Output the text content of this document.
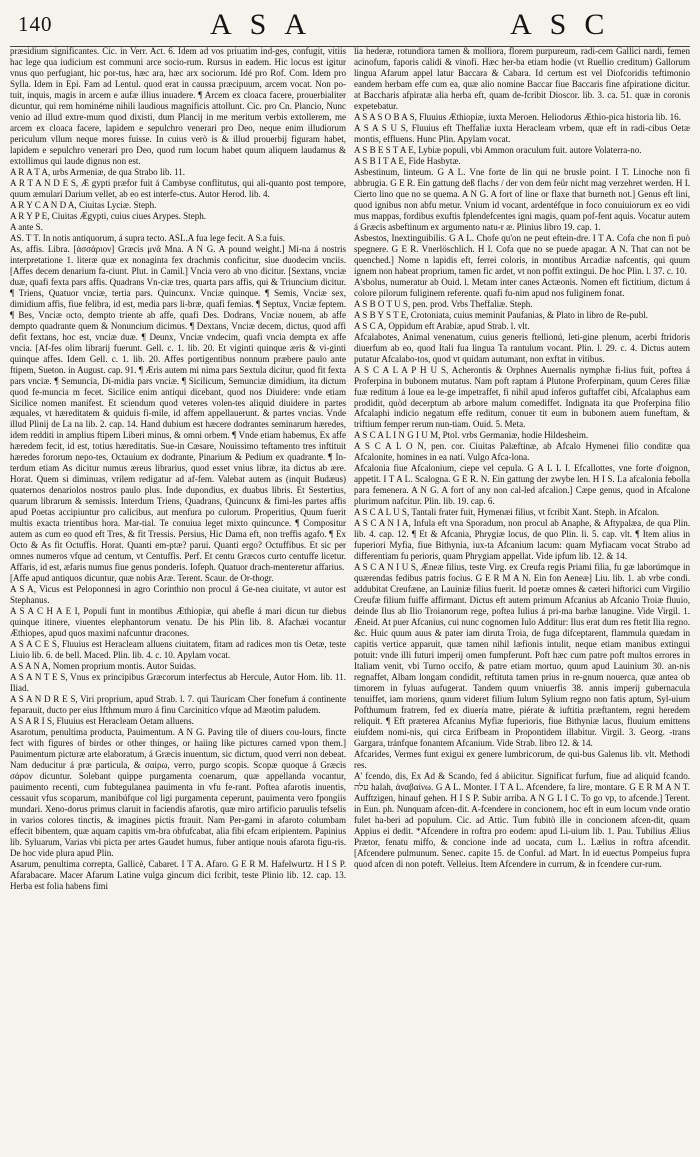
140	ASA	ASC

præsidium significantes. Cic. in Verr. Act. 6. Idem ad vos priuatim ind-ges, confugit, vitiis hac lege qua iudicium est communi arce socio-rum. Rursus in eadem. Hic locus est igitur vnus quo perfugiant, hic por-tus, hæc ara, hæc arx sociorum. Idé pro Rof. Com. Idem pro Sylla. Idem in Epi. Fam ad Lentul. quod erat in caussa præcipuum, arcem vocat. Non po-tuit, inquis, magis in arcem e aufæ illius inuadere. ¶ Arcem ex cloaca facere, prouerbialiter dicuntur, qui rem hominéme nihili laudious magnificis attollunt. Cic. pro Cn. Plancio, Nunc venio ad illud extre-mum quod dixisti, dum Plancij in me meritum verbis extollerem, me arcem ex cloaca facere, lapidem e sepulchro venerari pro Deo, neque enim illudiorum periculum vllum neque mores fuisse. In cuius verò is & illud prouerbij figuram habet, lapidem e sepulchro venerari pro Deo, quod rum locum habet quum aliquem laudamus & extollimus qui laude dignus non est.

A R A T A, urbs Armeniæ, de qua Strabo lib. 11.

A R T A N D E S, Æ gypti præfor fuit á Cambyse conflitutus, qui ali-quanto post tempore, quum æmularí Darium vellet, ab eo est interfe-ctus. Autor Herod. lib. 4.

A R Y C A N D A, Ciuitas Lyciæ. Steph.

A R Y P E, Ciuitas Ægypti, cuius ciues Arypes. Steph.

A ante S.

AS. T T. In notis antiquorum, á supra tecto. ASL.A fua lege fecit. A S.a fuis.

As, affis. Libra. [ἀσσάριον] Græcis μνᾶ Mna. A N G. A pound weight.] Mi-na á nostris interpretatione 1. literæ quæ ex nonaginta fex drachmis conficitur, siue duodecim vnciis. [Affes decem denarium fa-ciunt. Plut. in Camil.] Vncia vero ab vno dicitur. [Sextans, vnciæ duæ, quafi fexta pars affis. Quadrans Vn-ciæ tres, quarta pars affis, qui & Triuncium dicitur. ¶ Triens, Quatuor vnciæ, tertia pars. Quincunx. Vnciæ quinque. ¶ Semis, Vnciæ sex, dimidium affis, fiue felibra, id est, media pars li-bræ, quafi femias. ¶ Septux, Vnciæ feptem. ¶ Bes, Vnciæ octo, dempto triente ab affe, quafi Des. Dodrans, Vnciæ nouem, ab affe dempto quadrante quem & Nonuncium dicimus. ¶ Dextans, Vnciæ decem, dictus, quod affi defit fextans, hoc est, vnciæ duæ. ¶ Deunx, Vnciæ vndecim, quafi vncia dempta ex affe vncia. [Af-fes olim librarij fuerunt. Gell. c. 1. lib. 20. Et viginti quinque æris & vi-ginti quinque affes. Idem Gell. c. 1. lib. 20. Affes portigentibus nonnum præbere paulo ante ftipem, Sueton. in August. cap. 91. ¶ Æris autem mi nima pars Sextula dicitur, quod fit fexta pars vnciæ. ¶ Semuncia, Di-midia pars vnciæ. ¶ Sicilicum, Semunciæ dimidium, ita dictum quod fe-muncia m fecet. Sicilice enim antiqui dicebant, quod nos Diuidere: vnde etiam Sicilice nomen manifest. Et sciendum quod veteres volen-tes aliquid diuidere in partes æquales, vt hæreditatem & quiduis fi-mile, id affem appellauerunt. & partes vncias. Vnde illud Plinij de La na lib. 2. cap. 14. Hand dubium est hæcere dodrantes seminarum hæredes, idem redditi in amplius ftipem Liberi minus, & omni orbem. ¶ Vnde etiam habemus, Ex affe hæredem fecit, id est, totius hæreditatis. Sue-in Cæsare, Nouissimo teftamento tres inftituit hæredes fororum nepo-tes, Octauium ex dodrante, Pinarium & Pedium ex quadrante. ¶ In-terdum etiam As dicitur numus æreus librarius, quod esset vnius libræ, ita dictus ab ære. Horat. Quem si diminuas, vrilem redigatur ad af-fem. Valebat autem as (inquit Budæus) quaternos denariolos nostros paulo plus. Inde dupondius, ex duabus libris. Et Sestertius, quarum librarum & semissis. Interdum Triens, Quadrans, Quincunx & fimi-les partes affis apud Poetas accipiuntur pro calicibus, aut menfura po culorum. Properitius, Quum fuerit multis exacta trientibus hora. Mar-tial. Te conuiua leget mixto quincunce. ¶ Compositur autem as cum eo quod eft Tres, & fit Tressis. Persius, Hic Dama eft, non treffis agafo. ¶ Ex Octo & As fit Octuffis. Horat. Quanti em-ptæ? parui. Quanti ergo? Octuffibus. Et sic per omnes numeros vfque ad centum, vt Centuffis. Perf. Et centu Græcos curto centuffe licetur. Affaris, id est, æfaris numus fiue genus ponderis. Iofeph. Quatuor drach-menteretur affarius.

[Affe apud antiquos dicuntur, quæ nobis Aræ. Terent. Scaur. de Or-thogr.

A S A, Vicus est Peloponnesi in agro Corinthio non procul á Ge-nea ciuitate, vt autor est Stephanus.

A S A C H A E I, Populi funt in montibus Æthiopiæ, qui abefle á mari dicun tur diebus quinque itinere, viuentes elephantorum venatu. De his Plin lib. 8. Afachæi vocantur Æthiopes, apud quos maximi nafcuntur dracones.

A S A C E S, Fluuius est Heracleam alluens ciuitatem, fitam ad radices mon tis Oetæ, teste Liuio lib. 6. de bell. Maced. Plin. lib. 4. c. 10. Apylam vocat.

A S A N A, Nomen proprium montis. Autor Suidas.

A S A N T E S, Vnus ex principibus Græcorum interfectus ab Hercule, Autor Hom. lib. 11. Iliad.

A S A N D R E S, Viri proprium, apud Strab. l. 7. qui Tauricam Cher fonefum á continente feparauit, ducto per eius Ifthmum muro á finu Carcinitico vfque ad Mæotim paludem.

A S A R I S, Fluuius est Heracleam Oetam alluens.

Asarotum, penultima producta, Pauimentum. A N G. Paving tile of diuers cou-lours, fincte fect with figures of birdes or other thinges, or haiing like pictures carned vpon them.] Pauimentum picturæ arte elaboratum, á Græcis inuentum, sic dictum, quod verri non debeat. Nam deducitur á præ particula, & σαίρω, verro, purgo scopis. Scopæ quoque á Græcis σάρον dicuntur. Solebant quippe purgamenta coenarum, quæ appellanda vocantur, pauimento recenti, cum fubtegulanea pauimenta in vfu fe-rant. Poftea afarotis inuentis, cessauit vfus scoparum, manibúfque col ligi purgamenta ceperunt, pauimenta vero fpongiis mundari. Xeno-dorus primus claruit in faciendis afarotis, quæ miro artificio paruulis tefselis in varios colores tinctis, & imagines pictis ftrauit. Nam Per-gami in afaroto columbam effecit bibentem, quæ aquam capitis vm-bra obfufcabat, alia fibi efcam eripientem. Papinius lib. Syluarum, Varias vbi picta per artes Gaudet humus, fuber antique nouis afarota figu-ris. De hoc vide plura apud Plin.

Asarum, penultima correpta, Gallicè, Cabaret. I T A. Afaro. G E R M. Hafelwurtz. H I S P. Afarabacare. Macer Afarum Latine vulga gincum dici fcribit, teste Plinio lib. 12. cap. 13. Herba est folia habens fimi

lia hederæ, rotundiora tamen & molliora, florem purpureum, radi-cem Gallici nardi, femen acinofum, faporis calidi & vinofi. Hæc her-ba etiam hodie (vt Ruellio creditum) Gallorum lingua Afarum appel latur Baccara & Cabara. Id certum est vel Diofcoridis teftimonio eandem herbam effe cum ea, quæ alio nomine Baccar fiue Baccaris fine afpiratione dicitur. at Baccharis afpiratæ alia herba eft, quam de-fcribit Dioscor. lib. 3. ca. 51. quæ in coronis expetebatur.

A S A S O B A S, Fluuius Æthiopiæ, iuxta Meroen. Heliodorus Æthio-pica historia lib. 16.

A S A S U S, Fluuius eft Theffaliæ iuxta Heracleam vrbem, quæ eft in radi-cibus Oetæ montis, effluens. Hunc Plin. Apylam vocat.

A S B E S T A E, Lybiæ populi, vbi Ammon oraculum fuit. autore Volaterra-no.

A S B I T A E, Fide Hasbytæ.

Asbestinum, linteum. G A L. Vne forte de lin qui ne brusle point. I T. Linoche non fi abbrugia. G E R. Ein gattung deß flachs / der von dem feür nicht mag verzehret werden. H I. Cierto lino que no se quema. A N G. A fort of line or flaxe that burneth not.] Genus eft lini, quod ignibus non abfu metur. Vnium id vocant, ardentéfque in foco conuiuiorum ex eo vidi mus mappas, fordibus exuftis fplendefcentes igni magis, quam pof-fent aquis. Vocatur autem á Græcis asbeftinum ex argumento natu-r æ. Plinius libro 19. cap. 1.

Asbestos, Inextinguibilis. G A L. Chofe qu'on ne peut eftein-dre. I T A. Cofa che non fi può spegnere. G E R. Vnerlöschlich. H I. Cofa que no se puede apagar. A N. That can not be quenched.] Nome n lapidis eft, ferrei coloris, in montibus Arcadiæ nafcentis, qui quum ignem non habeat proprium, tamen fic ardet, vt non poffit extingui. De hoc Plin. l. 37. c. 10.

A'sbolus, numeratur ab Ouid. l. Metam inter canes Actæonis. Nomen eft fictitium, dictum á colore pilorum fuliginem referente. quafi fu-nim apud nos fuliginem fonat.

A S B O T U S, pen. prod. Vrbs Theffaliæ. Steph.

A S B Y S T E, Crotoniata, cuius meminit Paufanias, & Plato in libro de Re-publ.

A S C A, Oppidum eft Arabiæ, apud Strab. l. vlt.

Afcalabotes, Animal venenatum, cuius generis ftellionú, leti-gine plenum, acerbi ftridoris diuerfum ab eo, quod Itali fua lingua Ta rantulum vocant. Plin. l. 29. c. 4. Dictus autem putatur Afcalabo-tos, quod vt quidam autumant, non exftat in vitibus.

A S C A L A P H U S, Acherontis & Orphnes Auernalis nymphæ fi-lius fuit, poftea á Proferpina in bubonem mutatus. Nam poft raptam á Plutone Proferpinam, quum Ceres filiæ fuæ reditum á Ioue ea le-ge impetraffet, fi nihil apud inferos guftaffet cibi, Afcalaphus eam prodidit, quòd decerptum ab arbore malum comediffet. Indignata ita que Proferpina filio Afcalaphi indicio negatum effe reditum, conuer tit eum in bubonem auem funeftam, & triftium femper rerum nun-tiam. Ouid. 5. Meta.

A S C A L I N G I U M, Ptol. vrbs Germaniæ, hodie Hildesheim.

A S C A L O N, pen. cor. Ciuitas Palæftinæ, ab Afcalo Hymenei filio conditæ qua Afcalonite, homines in ea nati. Vulgo Afca-lona.

Afcalonia fiue Afcalonium, ciepe vel cepula. G A L L I. Efcallottes, vne forte d'oignon, appetit. I T A L. Scalogna. G E R. N. Ein gattung der zwybe len. H I S. La afcalonia febolla para femenera. A N G. A fort of any non cal-led afcalion.] Cæpe genus, quod in Afcalone plurimum nafcitur. Plin. lib. 19. cap. 6.

A S C A L U S, Tantali frater fuit, Hymenæi filius, vt fcribit Xant. Steph. in Afcalon.

A S C A N I A, Infula eft vna Sporadum, non procul ab Anaphe, & Aftypalæa, de qua Plin. lib. 4. cap. 12. ¶ Et & Afcania, Phrygiæ locus, de quo Plin. li. 5. cap. vlt. ¶ Item alius in fuperiori Myfia, fiue Bithynia, iux-ta Afcanium lacum: quam Myfiacam vocat Strabo ad differentiam fu perioris, quam Phrygiam appellat. Vide ipfum lib. 12. & 14.

A S C A N I U S, Æneæ filius, teste Virg. ex Creufa regis Priami filia, fu gæ laborúmque in quærendas fedibus patris focius. G E R M A N. Ein fon Aeneæ] Liu. lib. 1. ab vrbe condi. addubitat Creufæne, an Lauiniæ filius fuerit. Id poetæ omnes & cæteri hiftorici cum Virgilio Creufæ filium fuiffe affirmant. Dictus eft autem primum Afcanius ab Afcanio Troiæ fluuio, deinde Ilus ab Ilio Troianorum rege, poftea Iulius á pri-ma barbæ lanugine. Vide Virgil. 1. Æneid. At puer Afcanius, cui nunc cognomen Iulo Additur: Ilus erat dum res ftetit Ilia regno. &c. Huic quum auus & pater iam diruta Troia, de fuga difceptarent, flammula quædam in capitis vertice apparuit, quæ tamen nihil læfionis intulit, neque etiam manibus extingui potuit: vnde illi futuri imperij omen fumpferunt. Poft hæc cum patre poft multos errores in Italiam venit, vbi Turno occifo, & patre etiam mortuo, quum apud Lauinium 30. an-nis regnaffet, Albam longam condidit, reftituta tamen prius in re-gnum nouerca, quæ antea ob timorem in fyluas aufugerat. Tandem quum vniuerfis 38. annis imperij gubernacula tenuiffet, iam moriens, quum videret filium Iulum Sylium regno non fatis aptum, Syl-uium Pofthumum fratrem, fed ex diuería matre, piérate & iuftitia præftantem, regni heredem reliquit. ¶ Eft præterea Afcanius Myfiæ fuperioris, fiue Bithyniæ lacus, fluuium emittens eiufdem nomi-nis, qui circa Erifbeam in Propontidem illabitur. Virgil. 3. Georg. -trans Gargara, tránfque fonantem Afcanium. Vide Strab. libro 12. & 14.

Afcarides, Vermes funt exigui ex genere lumbricorum, de qui-bus Galenus lib. vlt. Methodi res.

A' fcendo, dis, Ex Ad & Scando, fed á abiicitur. Significat furfum, fiue ad aliquid fcando. ‏עלה‎ halah, ἀναβαίνω. G A L. Monter. I T A L. Afcendere, fa lire, montare. G E R M A N T. Aufftzigen, hinauf gehen. H I S P. Subir arriba. A N G L I C. To go vp, to afcende.] Terent. in Eun. ph. Nunquam afcen-dit. A-fcendere in concionem, hoc eft in eum locum vnde oratio fulet ha-beri ad populum. Cic. ad Attic. Tum fubitò ille in concionem afcen-dit, quam Appius ei dedit. *Afcendere in roftra pro eodem: apud Li-uium lib. 1. Pau. Tubilius Ælius Prætor, fenatu miffo, & concione inde ad uocata, cum L. Lælius in roftra afcendit. [Afcendere pulmunum. Senec. capite 15. de Conful. ad Mart. In id euectus Pompeius fupra quod afcen di non poteft. Velleius. Item Afcendere in currum, & in fcendere cur-rum.
